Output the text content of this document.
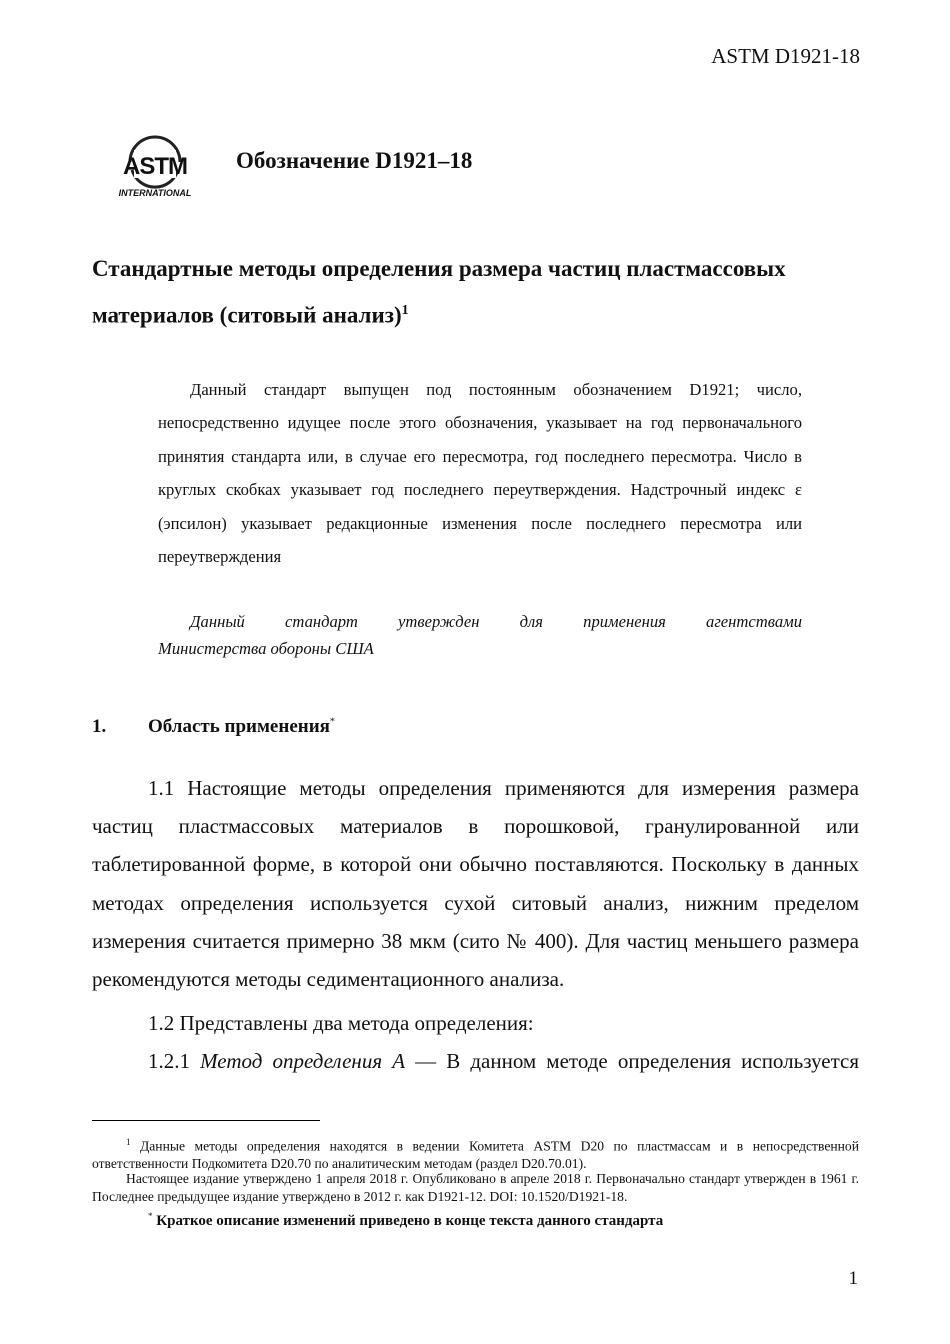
ASTM D1921-18
ASTM
INTERNATIONAL
Обозначение D1921–18
Стандартные методы определения размера частиц пластмассовых материалов (ситовый анализ)$^1$

Данный стандарт выпущен под постоянным обозначением D1921; число, непосредственно идущее после этого обозначения, указывает на год первоначального принятия стандарта или, в случае его пересмотра, год последнего пересмотра. Число в круглых скобках указывает год последнего переутверждения. Надстрочный индекс ε (эпсилон) указывает редакционные изменения после последнего пересмотра или переутверждения

Данный стандарт утвержден для применения агентствами

Министерства обороны США
1. Область применения*

1.1 Настоящие методы определения применяются для измерения размера частиц пластмассовых материалов в порошковой, гранулированной или таблетированной форме, в которой они обычно поставляются. Поскольку в данных методах определения используется сухой ситовый анализ, нижним пределом измерения считается примерно 38 мкм (сито № 400). Для частиц меньшего размера рекомендуются методы седиментационного анализа.

1.2 Представлены два метода определения:

1.2.1 Метод определения А — В данном методе определения используется

$^1$ Данные методы определения находятся в ведении Комитета ASTM D20 по пластмассам и в непосредственной ответственности Подкомитета D20.70 по аналитическим методам (раздел D20.70.01).

Настоящее издание утверждено 1 апреля 2018 г. Опубликовано в апреле 2018 г. Первоначально стандарт утвержден в 1961 г. Последнее предыдущее издание утверждено в 2012 г. как D1921-12. DOI: 10.1520/D1921-18.

* Краткое описание изменений приведено в конце текста данного стандарта
1
